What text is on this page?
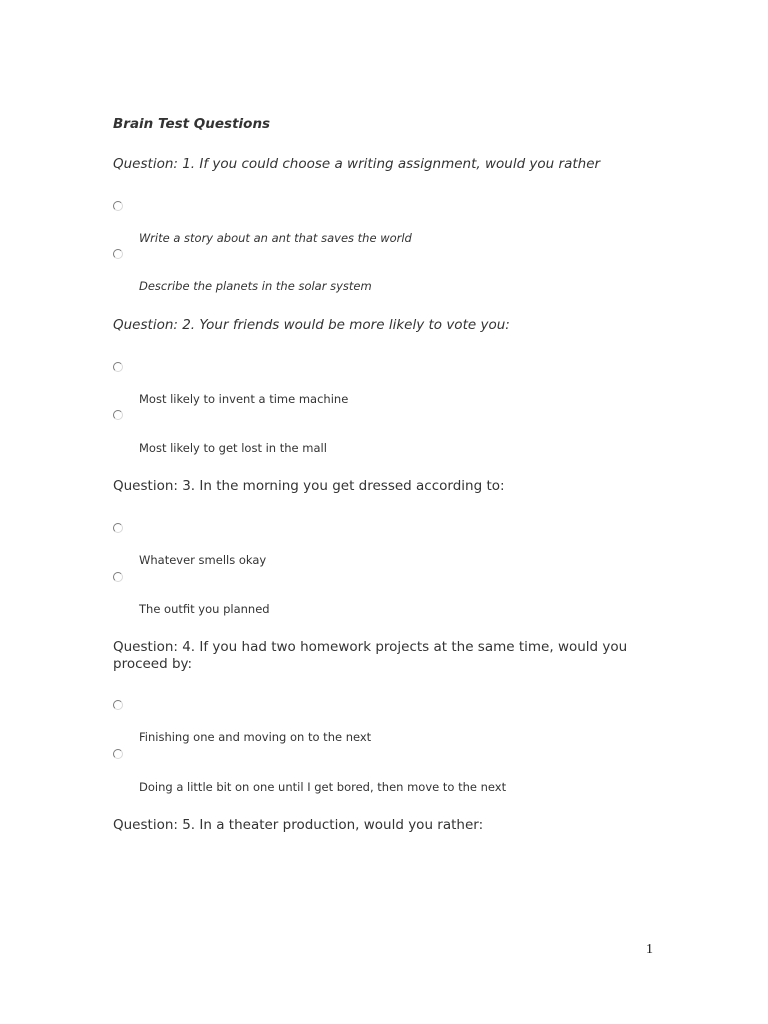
Brain Test Questions
Question: 1. If you could choose a writing assignment, would you rather
Write a story about an ant that saves the world
Describe the planets in the solar system
Question: 2. Your friends would be more likely to vote you:
Most likely to invent a time machine
Most likely to get lost in the mall
Question: 3. In the morning you get dressed according to:
Whatever smells okay
The outfit you planned
Question: 4. If you had two homework projects at the same time, would you proceed by:
Finishing one and moving on to the next
Doing a little bit on one until I get bored, then move to the next
Question: 5. In a theater production, would you rather:
1
